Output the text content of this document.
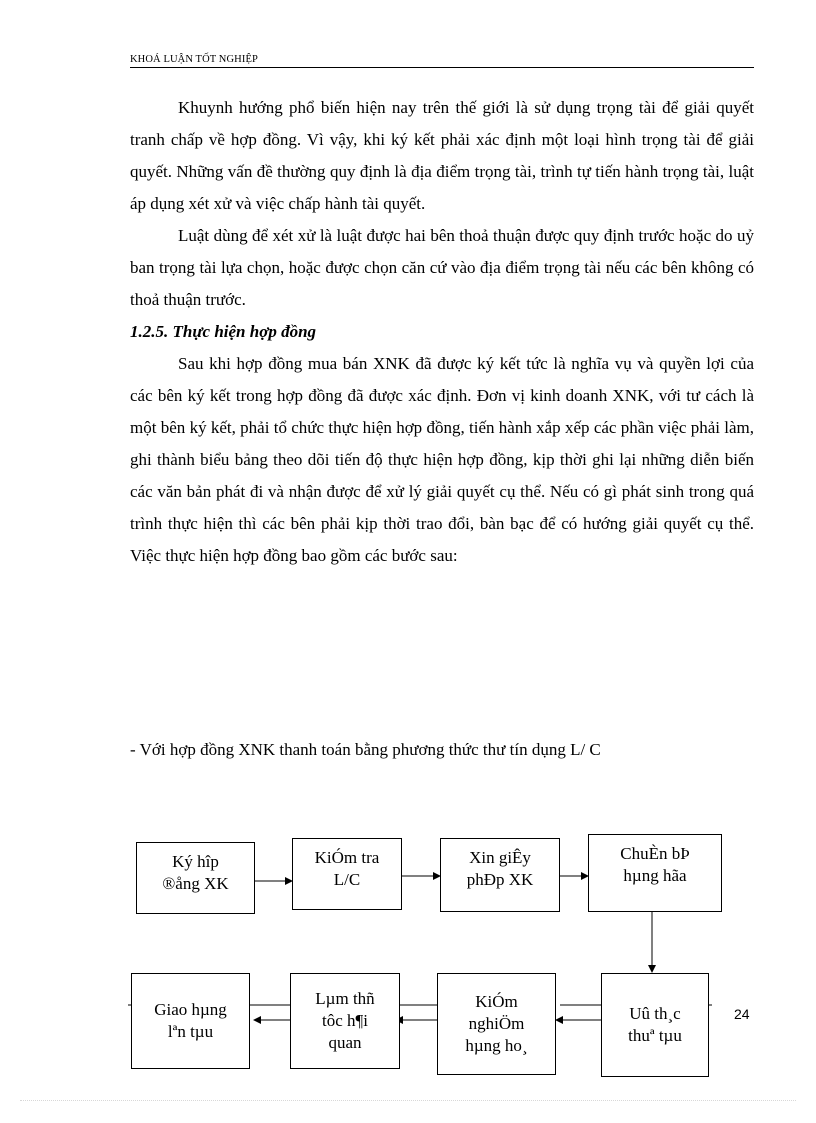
KHOÁ LUẬN TỐT NGHIỆP

Khuynh hướng phổ biến hiện nay trên thế giới là sử dụng trọng tài để giải quyết tranh chấp về hợp đồng. Vì vậy, khi ký kết phải xác định một loại hình trọng tài để giải quyết. Những vấn đề thường quy định là địa điểm trọng tài, trình tự tiến hành trọng tài, luật áp dụng xét xử và việc chấp hành tài quyết.

Luật dùng để xét xử là luật được hai bên thoả thuận được quy định trước hoặc do uỷ ban trọng tài lựa chọn, hoặc được chọn căn cứ vào địa điểm trọng tài nếu các bên không có thoả thuận trước.

1.2.5. Thực hiện hợp đồng

Sau khi hợp đồng mua bán XNK đã được ký kết tức là nghĩa vụ và quyền lợi của các bên ký kết trong hợp đồng đã được xác định. Đơn vị kinh doanh XNK, với tư cách là một bên ký kết, phải tổ chức thực hiện hợp đồng, tiến hành xắp xếp các phần việc phải làm, ghi thành biểu bảng theo dõi tiến độ thực hiện hợp đồng, kịp thời ghi lại những diễn biến các văn bản phát đi và nhận được để xử lý giải quyết cụ thể. Nếu có gì phát sinh trong quá trình thực hiện thì các bên phải kịp thời trao đổi, bàn bạc để có hướng giải quyết cụ thể. Việc thực hiện hợp đồng bao gồm các bước sau:

- Với hợp đồng XNK thanh toán bằng phương thức thư tín dụng L/ C
Ký hîp
®ång XK
KiÓm tra
L/C
Xin giÊy
phÐp XK
ChuÈn bÞ
hµng hãa
Uû th¸c
thuª tµu
KiÓm
nghiÖm
hµng ho¸
Lµm thñ
tôc h¶i
quan
Giao hµng
lªn tµu
24
